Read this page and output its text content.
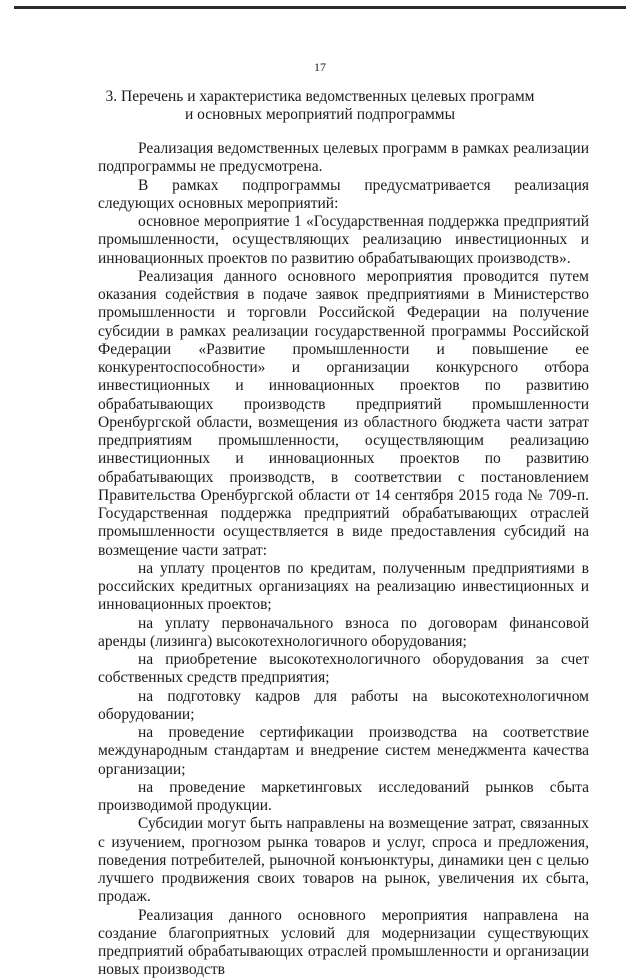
17
3. Перечень и характеристика ведомственных целевых программ
и основных мероприятий подпрограммы

Реализация ведомственных целевых программ в рамках реализации подпрограммы не предусмотрена.

В рамках подпрограммы предусматривается реализация следующих основных мероприятий:

основное мероприятие 1 «Государственная поддержка предприятий промышленности, осуществляющих реализацию инвестиционных и инновационных проектов по развитию обрабатывающих производств».

Реализация данного основного мероприятия проводится путем оказания содействия в подаче заявок предприятиями в Министерство промышленности и торговли Российской Федерации на получение субсидии в рамках реализации государственной программы Российской Федерации «Развитие промышленности и повышение ее конкурентоспособности» и организации конкурсного отбора инвестиционных и инновационных проектов по развитию обрабатывающих производств предприятий промышленности Оренбургской области, возмещения из областного бюджета части затрат предприятиям промышленности, осуществляющим реализацию инвестиционных и инновационных проектов по развитию обрабатывающих производств, в соответствии с постановлением Правительства Оренбургской области от 14 сентября 2015 года № 709-п. Государственная поддержка предприятий обрабатывающих отраслей промышленности осуществляется в виде предоставления субсидий на возмещение части затрат:

на уплату процентов по кредитам, полученным предприятиями в российских кредитных организациях на реализацию инвестиционных и инновационных проектов;

на уплату первоначального взноса по договорам финансовой аренды (лизинга) высокотехнологичного оборудования;

на приобретение высокотехнологичного оборудования за счет собственных средств предприятия;

на подготовку кадров для работы на высокотехнологичном оборудовании;

на проведение сертификации производства на соответствие международным стандартам и внедрение систем менеджмента качества организации;

на проведение маркетинговых исследований рынков сбыта производимой продукции.

Субсидии могут быть направлены на возмещение затрат, связанных с изучением, прогнозом рынка товаров и услуг, спроса и предложения, поведения потребителей, рыночной конъюнктуры, динамики цен с целью лучшего продвижения своих товаров на рынок, увеличения их сбыта, продаж.

Реализация данного основного мероприятия направлена на создание благоприятных условий для модернизации существующих предприятий обрабатывающих отраслей промышленности и организации новых производств
